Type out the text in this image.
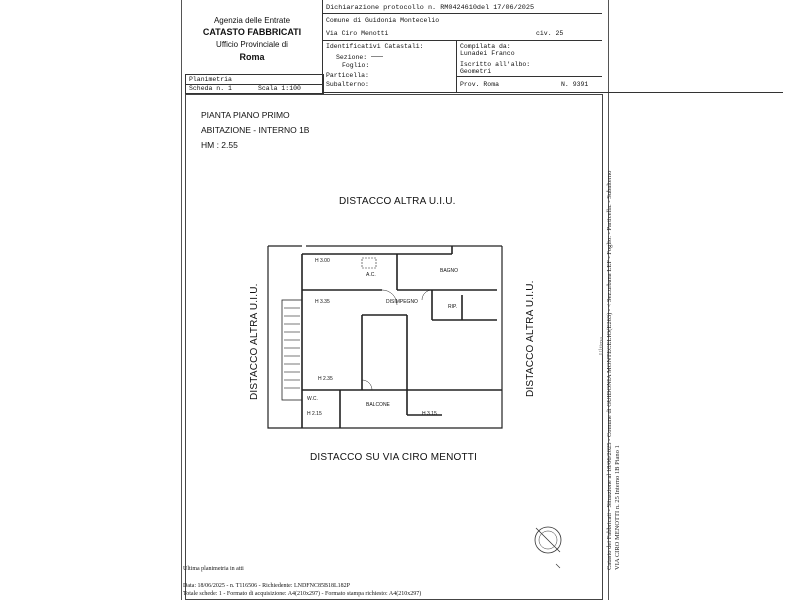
Agenzia delle Entrate
CATASTO FABBRICATI
Ufficio Provinciale di
Roma
Dichiarazione protocollo n. RM0424610del 17/06/2025
Comune di Guidonia Montecelio
Via Ciro Menotti	civ. 25
Identificativi Catastali:
Sezione:
Foglio:
Particella:
Subalterno:
Compilata da:
Lunadei Franco
Iscritto all'albo:
Geometri
Prov. Roma	N. 9391
Planimetria
Scheda n. 1	Scala 1:100
PIANTA PIANO PRIMO
ABITAZIONE - INTERNO 1B
HM : 2.55
DISTACCO ALTRA U.I.U.
DISTACCO SU VIA CIRO MENOTTI
DISTACCO ALTRA U.I.U.	DISTACCO ALTRA U.I.U.
H 3.00
A.C.
BAGNO
H 3.35	DISIMPEGNO
RIP.
H 2.35
W.C.
H 2.15
BALCONE
H 3.15
Ultima planimetria in atti
Data: 18/06/2025 - n. T116506 - Richiedente: LNDFNC85B18L182P
Totale schede: 1 - Formato di acquisizione: A4(210x297) - Formato stampa richiesto: A4(210x297)
Catasto dei Fabbricati - Situazione al 18/06/2025 - Comune di GUIDONIA MONTECELIO(E263) - < Sez.urbana LEF - Foglio: - Particella: - Subalterno VIA CIRO MENOTTI n. 25 Interno 1B Piano 1
Ultima
